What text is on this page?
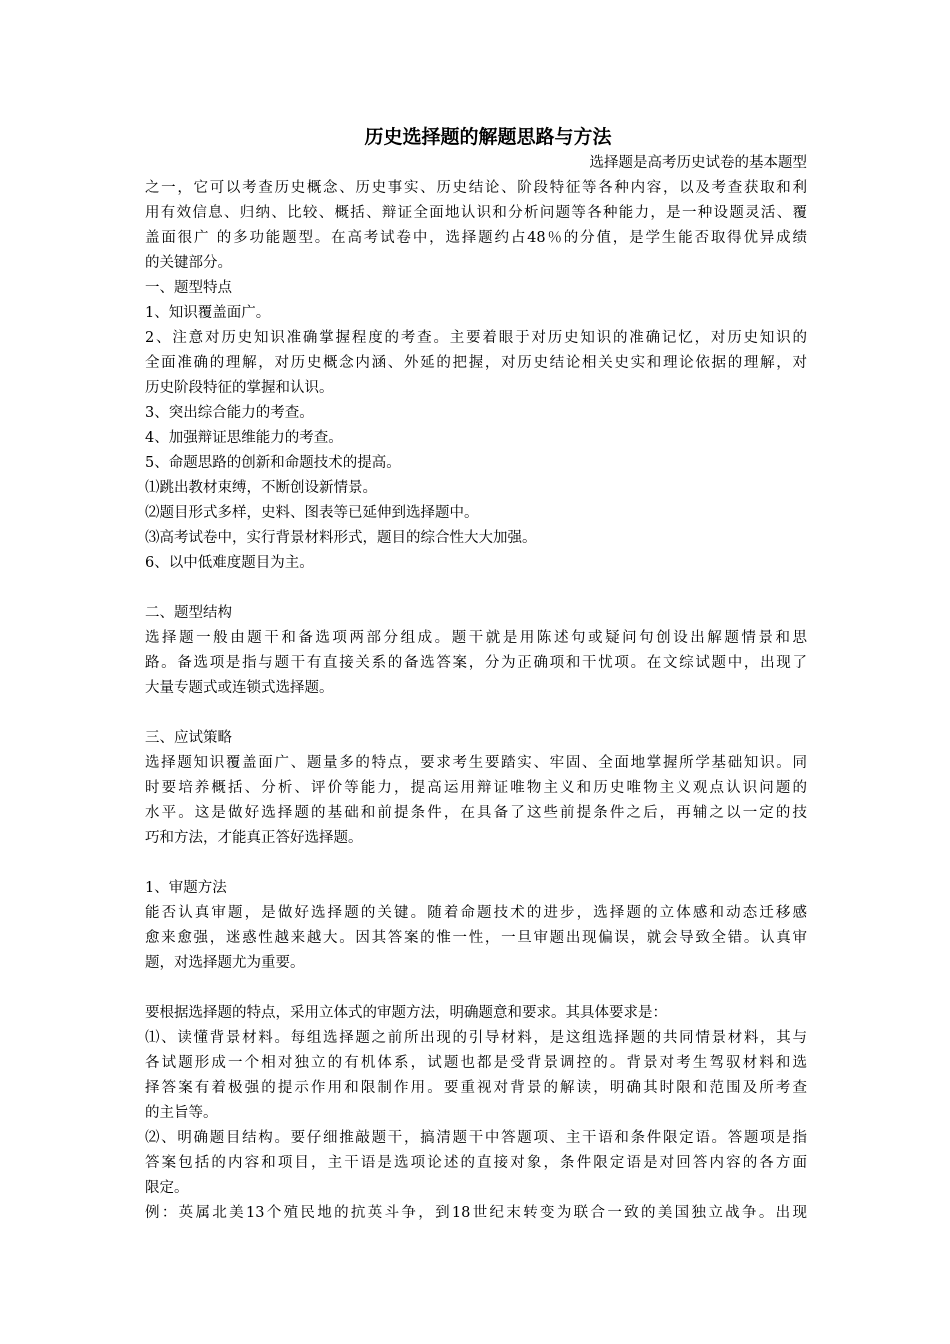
历史选择题的解题思路与方法
选择题是高考历史试卷的基本题型
之一，它可以考查历史概念、历史事实、历史结论、阶段特征等各种内容，以及考查获取和利
用有效信息、归纳、比较、概括、辩证全面地认识和分析问题等各种能力，是一种设题灵活、覆
盖面很广 的多功能题型。在高考试卷中，选择题约占48％的分值，是学生能否取得优异成绩
的关键部分。
一、题型特点
1、知识覆盖面广。
2、注意对历史知识准确掌握程度的考查。主要着眼于对历史知识的准确记忆，对历史知识的
全面准确的理解，对历史概念内涵、外延的把握，对历史结论相关史实和理论依据的理解，对
历史阶段特征的掌握和认识。
3、突出综合能力的考查。
4、加强辩证思维能力的考查。
5、命题思路的创新和命题技术的提高。
⑴跳出教材束缚，不断创设新情景。
⑵题目形式多样，史料、图表等已延伸到选择题中。
⑶高考试卷中，实行背景材料形式，题目的综合性大大加强。
6、以中低难度题目为主。
二、题型结构
选择题一般由题干和备选项两部分组成。题干就是用陈述句或疑问句创设出解题情景和思
路。备选项是指与题干有直接关系的备选答案，分为正确项和干忧项。在文综试题中，出现了
大量专题式或连锁式选择题。
三、应试策略
选择题知识覆盖面广、题量多的特点，要求考生要踏实、牢固、全面地掌握所学基础知识。同
时要培养概括、分析、评价等能力，提高运用辩证唯物主义和历史唯物主义观点认识问题的
水平。这是做好选择题的基础和前提条件，在具备了这些前提条件之后，再辅之以一定的技
巧和方法，才能真正答好选择题。
1、审题方法
能否认真审题，是做好选择题的关键。随着命题技术的进步，选择题的立体感和动态迁移感
愈来愈强，迷惑性越来越大。因其答案的惟一性，一旦审题出现偏误，就会导致全错。认真审
题，对选择题尤为重要。
要根据选择题的特点，采用立体式的审题方法，明确题意和要求。其具体要求是：
⑴、读懂背景材料。每组选择题之前所出现的引导材料，是这组选择题的共同情景材料，其与
各试题形成一个相对独立的有机体系，试题也都是受背景调控的。背景对考生驾驭材料和选
择答案有着极强的提示作用和限制作用。要重视对背景的解读，明确其时限和范围及所考查
的主旨等。
⑵、明确题目结构。要仔细推敲题干，搞清题干中答题项、主干语和条件限定语。答题项是指
答案包括的内容和项目，主干语是选项论述的直接对象，条件限定语是对回答内容的各方面
限定。
例：英属北美13个殖民地的抗英斗争，到18世纪末转变为联合一致的美国独立战争。出现
